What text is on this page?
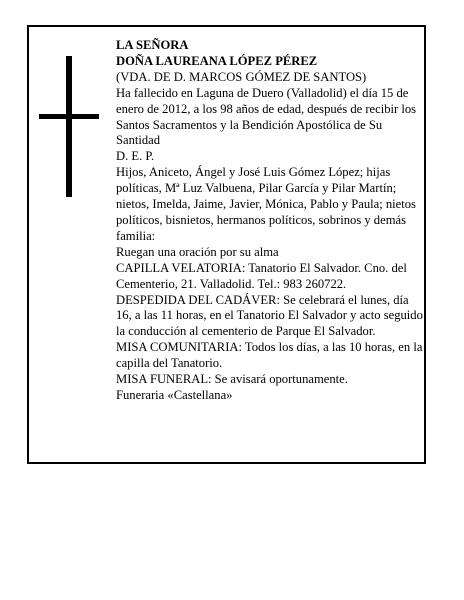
LA SEÑORA

DOÑA LAUREANA LÓPEZ PÉREZ

(VDA. DE D. MARCOS GÓMEZ DE SANTOS)

Ha fallecido en Laguna de Duero (Valladolid) el día 15 de enero de 2012, a los 98 años de edad, después de recibir los Santos Sacramentos y la Bendición Apostólica de Su Santidad

D. E. P.

Hijos, Aniceto, Ángel y José Luis Gómez López; hijas políticas, Mª Luz Valbuena, Pilar García y Pilar Martín; nietos, Imelda, Jaime, Javier, Mónica, Pablo y Paula; nietos políticos, bisnietos, hermanos políticos, sobrinos y demás familia:

Ruegan una oración por su alma

CAPILLA VELATORIA: Tanatorio El Salvador. Cno. del Cementerio, 21. Valladolid. Tel.: 983 260722.

DESPEDIDA DEL CADÁVER: Se celebrará el lunes, día 16, a las 11 horas, en el Tanatorio El Salvador y acto seguido la conducción al cementerio de Parque El Salvador.

MISA COMUNITARIA: Todos los días, a las 10 horas, en la capilla del Tanatorio.

MISA FUNERAL: Se avisará oportunamente.

Funeraria «Castellana»
